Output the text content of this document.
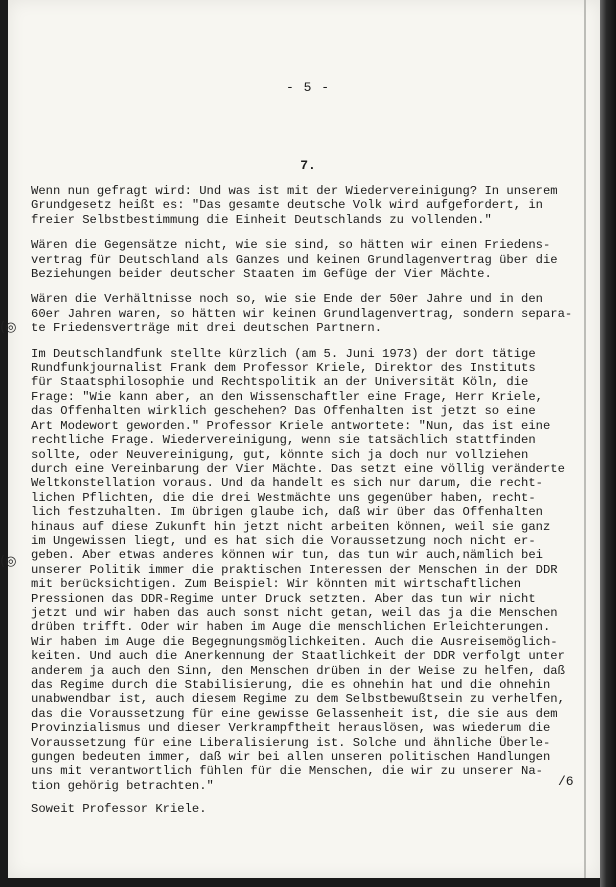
(◎
(◎
- 5 -
7.

Wenn nun gefragt wird: Und was ist mit der Wiedervereinigung? In unserem
Grundgesetz heißt es: "Das gesamte deutsche Volk wird aufgefordert, in
freier Selbstbestimmung die Einheit Deutschlands zu vollenden."

Wären die Gegensätze nicht, wie sie sind, so hätten wir einen Friedens-
vertrag für Deutschland als Ganzes und keinen Grundlagenvertrag über die
Beziehungen beider deutscher Staaten im Gefüge der Vier Mächte.

Wären die Verhältnisse noch so, wie sie Ende der 50er Jahre und in den
60er Jahren waren, so hätten wir keinen Grundlagenvertrag, sondern separa-
te Friedensverträge mit drei deutschen Partnern.

Im Deutschlandfunk stellte kürzlich (am 5. Juni 1973) der dort tätige
Rundfunkjournalist Frank dem Professor Kriele, Direktor des Instituts
für Staatsphilosophie und Rechtspolitik an der Universität Köln, die
Frage: "Wie kann aber, an den Wissenschaftler eine Frage, Herr Kriele,
das Offenhalten wirklich geschehen? Das Offenhalten ist jetzt so eine
Art Modewort geworden." Professor Kriele antwortete: "Nun, das ist eine
rechtliche Frage. Wiedervereinigung, wenn sie tatsächlich stattfinden
sollte, oder Neuvereinigung, gut, könnte sich ja doch nur vollziehen
durch eine Vereinbarung der Vier Mächte. Das setzt eine völlig veränderte
Weltkonstellation voraus. Und da handelt es sich nur darum, die recht-
lichen Pflichten, die die drei Westmächte uns gegenüber haben, recht-
lich festzuhalten. Im übrigen glaube ich, daß wir über das Offenhalten
hinaus auf diese Zukunft hin jetzt nicht arbeiten können, weil sie ganz
im Ungewissen liegt, und es hat sich die Voraussetzung noch nicht er-
geben. Aber etwas anderes können wir tun, das tun wir auch,nämlich bei
unserer Politik immer die praktischen Interessen der Menschen in der DDR
mit berücksichtigen. Zum Beispiel: Wir könnten mit wirtschaftlichen
Pressionen das DDR-Regime unter Druck setzten. Aber das tun wir nicht
jetzt und wir haben das auch sonst nicht getan, weil das ja die Menschen
drüben trifft. Oder wir haben im Auge die menschlichen Erleichterungen.
Wir haben im Auge die Begegnungsmöglichkeiten. Auch die Ausreisemöglich-
keiten. Und auch die Anerkennung der Staatlichkeit der DDR verfolgt unter
anderem ja auch den Sinn, den Menschen drüben in der Weise zu helfen, daß
das Regime durch die Stabilisierung, die es ohnehin hat und die ohnehin
unabwendbar ist, auch diesem Regime zu dem Selbstbewußtsein zu verhelfen,
das die Voraussetzung für eine gewisse Gelassenheit ist, die sie aus dem
Provinzialismus und dieser Verkrampftheit herauslösen, was wiederum die
Voraussetzung für eine Liberalisierung ist. Solche und ähnliche Überle-
gungen bedeuten immer, daß wir bei allen unseren politischen Handlungen
uns mit verantwortlich fühlen für die Menschen, die wir zu unserer Na-
tion gehörig betrachten."

Soweit Professor Kriele.

/6
